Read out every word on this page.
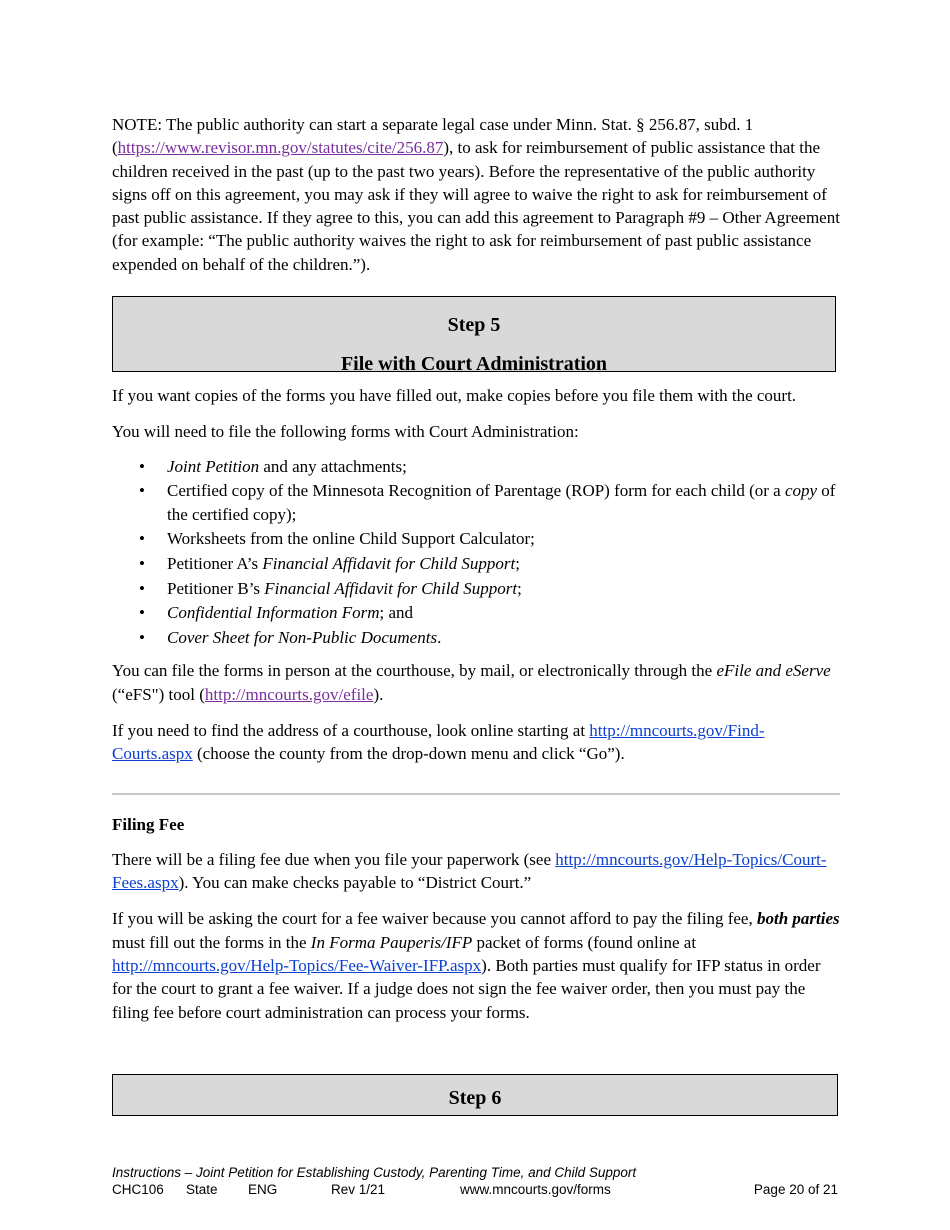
NOTE: The public authority can start a separate legal case under Minn. Stat. § 256.87, subd. 1 (https://www.revisor.mn.gov/statutes/cite/256.87), to ask for reimbursement of public assistance that the children received in the past (up to the past two years). Before the representative of the public authority signs off on this agreement, you may ask if they will agree to waive the right to ask for reimbursement of past public assistance. If they agree to this, you can add this agreement to Paragraph #9 – Other Agreement (for example: “The public authority waives the right to ask for reimbursement of past public assistance expended on behalf of the children.”).

Step 5
File with Court Administration

If you want copies of the forms you have filled out, make copies before you file them with the court.

You will need to file the following forms with Court Administration:

• Joint Petition and any attachments;
• Certified copy of the Minnesota Recognition of Parentage (ROP) form for each child (or a copy of the certified copy);
• Worksheets from the online Child Support Calculator;
• Petitioner A’s Financial Affidavit for Child Support;
• Petitioner B’s Financial Affidavit for Child Support;
• Confidential Information Form; and
• Cover Sheet for Non-Public Documents.

You can file the forms in person at the courthouse, by mail, or electronically through the eFile and eServe (“eFS") tool (http://mncourts.gov/efile).

If you need to find the address of a courthouse, look online starting at http://mncourts.gov/Find-Courts.aspx (choose the county from the drop-down menu and click “Go”).

Filing Fee

There will be a filing fee due when you file your paperwork (see http://mncourts.gov/Help-Topics/Court-Fees.aspx). You can make checks payable to “District Court.”

If you will be asking the court for a fee waiver because you cannot afford to pay the filing fee, both parties must fill out the forms in the In Forma Pauperis/IFP packet of forms (found online at http://mncourts.gov/Help-Topics/Fee-Waiver-IFP.aspx). Both parties must qualify for IFP status in order for the court to grant a fee waiver. If a judge does not sign the fee waiver order, then you must pay the filing fee before court administration can process your forms.

Step 6
Instructions – Joint Petition for Establishing Custody, Parenting Time, and Child Support
CHC106 State ENG	Rev 1/21	www.mncourts.gov/forms	Page 20 of 21
